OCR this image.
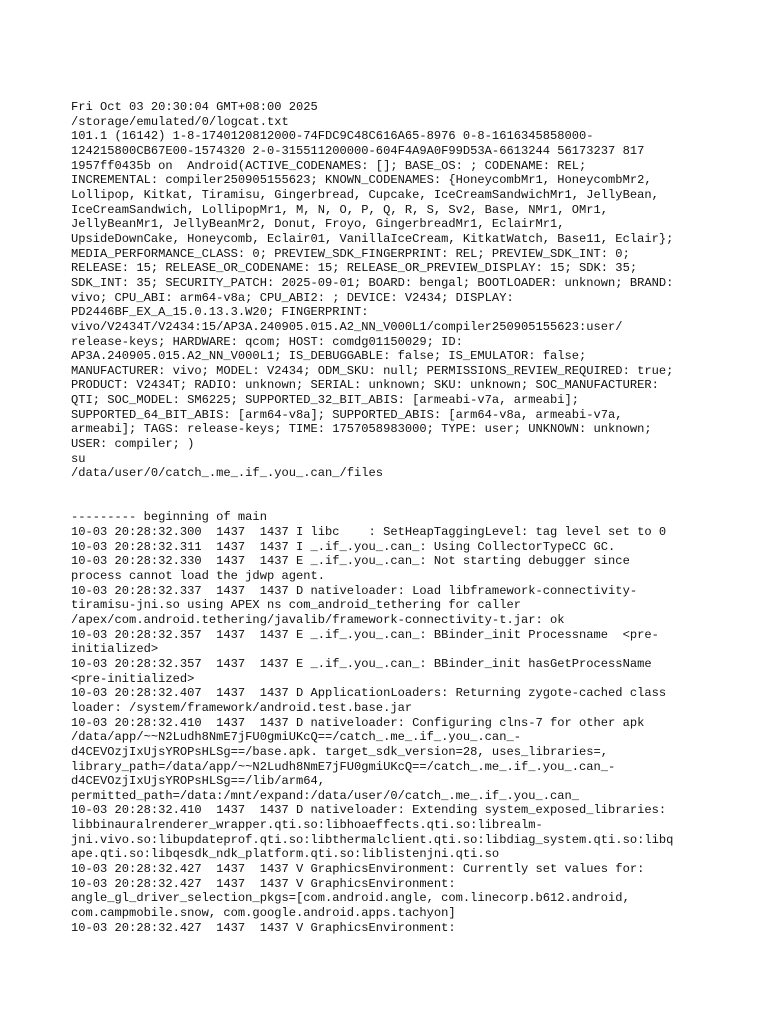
Fri Oct 03 20:30:04 GMT+08:00 2025
/storage/emulated/0/logcat.txt
101.1 (16142) 1-8-1740120812000-74FDC9C48C616A65-8976 0-8-1616345858000-
124215800CB67E00-1574320 2-0-315511200000-604F4A9A0F99D53A-6613244 56173237 817
1957ff0435b on  Android(ACTIVE_CODENAMES: []; BASE_OS: ; CODENAME: REL;
INCREMENTAL: compiler250905155623; KNOWN_CODENAMES: {HoneycombMr1, HoneycombMr2,
Lollipop, Kitkat, Tiramisu, Gingerbread, Cupcake, IceCreamSandwichMr1, JellyBean,
IceCreamSandwich, LollipopMr1, M, N, O, P, Q, R, S, Sv2, Base, NMr1, OMr1,
JellyBeanMr1, JellyBeanMr2, Donut, Froyo, GingerbreadMr1, EclairMr1,
UpsideDownCake, Honeycomb, Eclair01, VanillaIceCream, KitkatWatch, Base11, Eclair};
MEDIA_PERFORMANCE_CLASS: 0; PREVIEW_SDK_FINGERPRINT: REL; PREVIEW_SDK_INT: 0;
RELEASE: 15; RELEASE_OR_CODENAME: 15; RELEASE_OR_PREVIEW_DISPLAY: 15; SDK: 35;
SDK_INT: 35; SECURITY_PATCH: 2025-09-01; BOARD: bengal; BOOTLOADER: unknown; BRAND:
vivo; CPU_ABI: arm64-v8a; CPU_ABI2: ; DEVICE: V2434; DISPLAY:
PD2446BF_EX_A_15.0.13.3.W20; FINGERPRINT:
vivo/V2434T/V2434:15/AP3A.240905.015.A2_NN_V000L1/compiler250905155623:user/
release-keys; HARDWARE: qcom; HOST: comdg01150029; ID:
AP3A.240905.015.A2_NN_V000L1; IS_DEBUGGABLE: false; IS_EMULATOR: false;
MANUFACTURER: vivo; MODEL: V2434; ODM_SKU: null; PERMISSIONS_REVIEW_REQUIRED: true;
PRODUCT: V2434T; RADIO: unknown; SERIAL: unknown; SKU: unknown; SOC_MANUFACTURER:
QTI; SOC_MODEL: SM6225; SUPPORTED_32_BIT_ABIS: [armeabi-v7a, armeabi];
SUPPORTED_64_BIT_ABIS: [arm64-v8a]; SUPPORTED_ABIS: [arm64-v8a, armeabi-v7a,
armeabi]; TAGS: release-keys; TIME: 1757058983000; TYPE: user; UNKNOWN: unknown;
USER: compiler; )
su
/data/user/0/catch_.me_.if_.you_.can_/files
--------- beginning of main
10-03 20:28:32.300  1437  1437 I libc    : SetHeapTaggingLevel: tag level set to 0
10-03 20:28:32.311  1437  1437 I _.if_.you_.can_: Using CollectorTypeCC GC.
10-03 20:28:32.330  1437  1437 E _.if_.you_.can_: Not starting debugger since
process cannot load the jdwp agent.
10-03 20:28:32.337  1437  1437 D nativeloader: Load libframework-connectivity-
tiramisu-jni.so using APEX ns com_android_tethering for caller
/apex/com.android.tethering/javalib/framework-connectivity-t.jar: ok
10-03 20:28:32.357  1437  1437 E _.if_.you_.can_: BBinder_init Processname  <pre-
initialized>
10-03 20:28:32.357  1437  1437 E _.if_.you_.can_: BBinder_init hasGetProcessName
<pre-initialized>
10-03 20:28:32.407  1437  1437 D ApplicationLoaders: Returning zygote-cached class
loader: /system/framework/android.test.base.jar
10-03 20:28:32.410  1437  1437 D nativeloader: Configuring clns-7 for other apk
/data/app/~~N2Ludh8NmE7jFU0gmiUKcQ==/catch_.me_.if_.you_.can_-
d4CEVOzjIxUjsYROPsHLSg==/base.apk. target_sdk_version=28, uses_libraries=,
library_path=/data/app/~~N2Ludh8NmE7jFU0gmiUKcQ==/catch_.me_.if_.you_.can_-
d4CEVOzjIxUjsYROPsHLSg==/lib/arm64,
permitted_path=/data:/mnt/expand:/data/user/0/catch_.me_.if_.you_.can_
10-03 20:28:32.410  1437  1437 D nativeloader: Extending system_exposed_libraries:
libbinauralrenderer_wrapper.qti.so:libhoaeffects.qti.so:librealm-
jni.vivo.so:libupdateprof.qti.so:libthermalclient.qti.so:libdiag_system.qti.so:libq
ape.qti.so:libqesdk_ndk_platform.qti.so:liblistenjni.qti.so
10-03 20:28:32.427  1437  1437 V GraphicsEnvironment: Currently set values for:
10-03 20:28:32.427  1437  1437 V GraphicsEnvironment:
angle_gl_driver_selection_pkgs=[com.android.angle, com.linecorp.b612.android,
com.campmobile.snow, com.google.android.apps.tachyon]
10-03 20:28:32.427  1437  1437 V GraphicsEnvironment:
